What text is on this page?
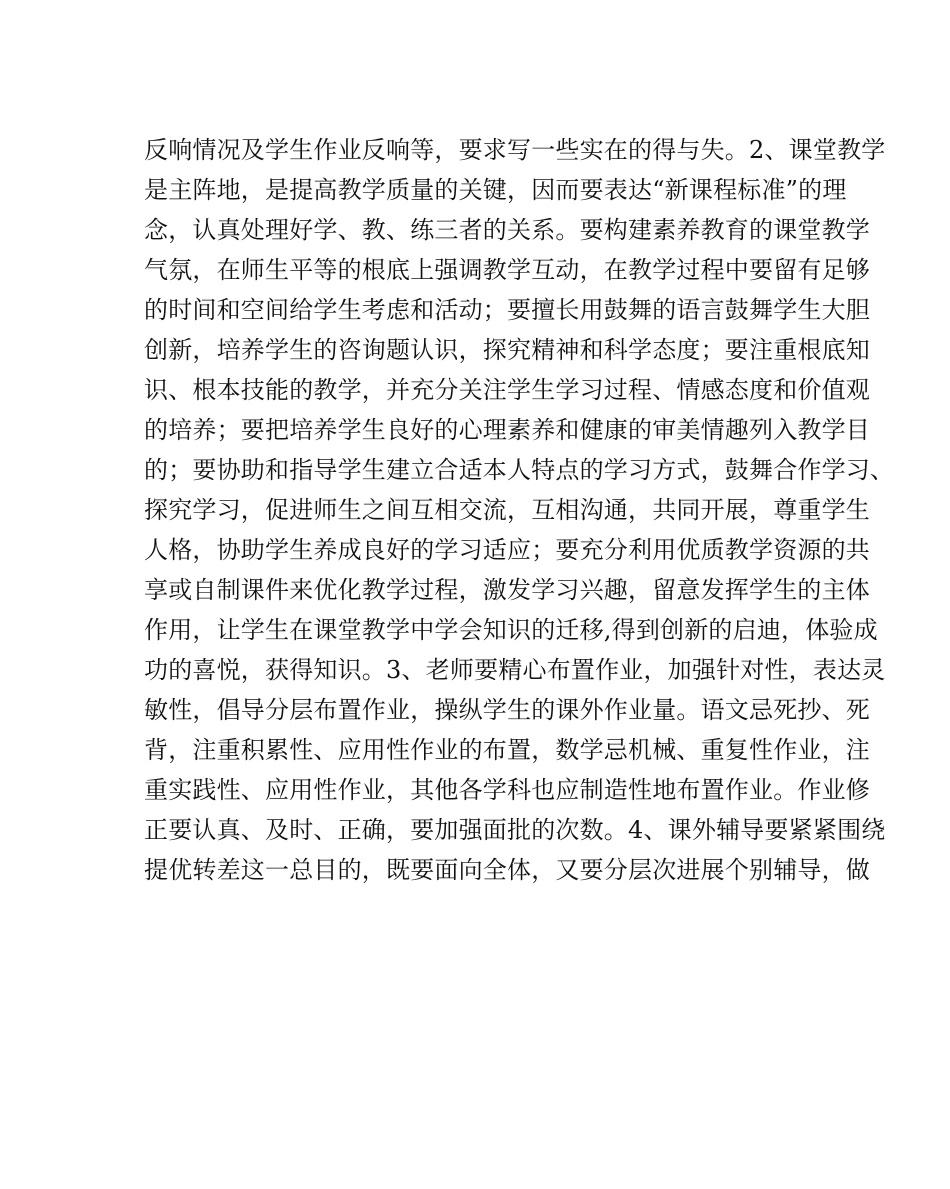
反响情况及学生作业反响等，要求写一些实在的得与失。2、课堂教学
是主阵地，是提高教学质量的关键，因而要表达“新课程标准”的理
念，认真处理好学、教、练三者的关系。要构建素养教育的课堂教学
气氛，在师生平等的根底上强调教学互动，在教学过程中要留有足够
的时间和空间给学生考虑和活动；要擅长用鼓舞的语言鼓舞学生大胆
创新，培养学生的咨询题认识，探究精神和科学态度；要注重根底知
识、根本技能的教学，并充分关注学生学习过程、情感态度和价值观
的培养；要把培养学生良好的心理素养和健康的审美情趣列入教学目
的；要协助和指导学生建立合适本人特点的学习方式，鼓舞合作学习、
探究学习，促进师生之间互相交流，互相沟通，共同开展，尊重学生
人格，协助学生养成良好的学习适应；要充分利用优质教学资源的共
享或自制课件来优化教学过程，激发学习兴趣，留意发挥学生的主体
作用，让学生在课堂教学中学会知识的迁移,得到创新的启迪，体验成
功的喜悦，获得知识。3、老师要精心布置作业，加强针对性，表达灵
敏性，倡导分层布置作业，操纵学生的课外作业量。语文忌死抄、死
背，注重积累性、应用性作业的布置，数学忌机械、重复性作业，注
重实践性、应用性作业，其他各学科也应制造性地布置作业。作业修
正要认真、及时、正确，要加强面批的次数。4、课外辅导要紧紧围绕
提优转差这一总目的，既要面向全体，又要分层次进展个别辅导，做
